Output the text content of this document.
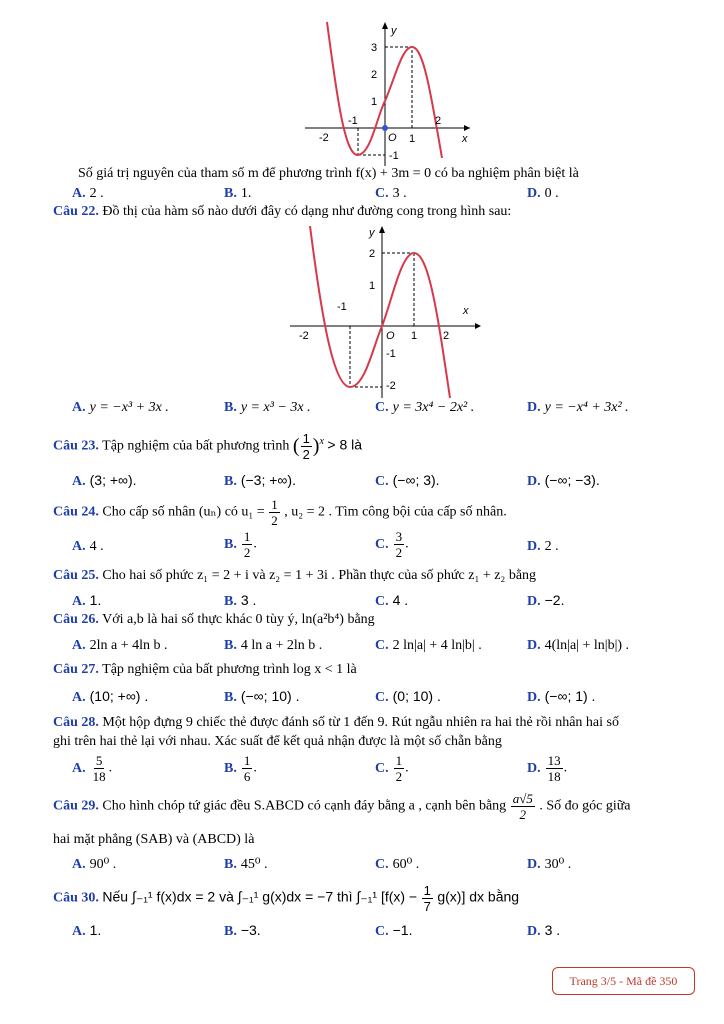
y
x
O
3
2
1
-1
-2
-1
1
2
Số giá trị nguyên của tham số m để phương trình f(x) + 3m = 0 có ba nghiệm phân biệt là
A. 2 .	B. 1.	C. 3 .	D. 0 .
Câu 22. Đồ thị của hàm số nào dưới đây có dạng như đường cong trong hình sau:
y
x
O
2
1
-1
-2
1 2
-2
-1
A. y = −x³ + 3x .	B. y = x³ − 3x .	C. y = 3x⁴ − 2x² .	D. y = −x⁴ + 3x² .
Câu 23. Tập nghiệm của bất phương trình ( $\frac{1}{2} )^x > 8$ là
A. (3; +∞).	B. (−3; +∞).	C. (−∞; 3).	D. (−∞; −3).
Câu 24. Cho cấp số nhân (uₙ) có $u_1 = \frac{1}{2}$ , u₂ = 2 . Tìm công bội của cấp số nhân.
A. 4 .	B. $\frac{1}{2}$ .	C. $\frac{3}{2}$ .	D. 2 .
Câu 25. Cho hai số phức z₁ = 2 + i và z₂ = 1 + 3i . Phần thực của số phức z₁ + z₂ bằng
A. 1.	B. 3 .	C. 4 .	D. −2.
Câu 26. Với a,b là hai số thực khác 0 tùy ý, ln(a²b⁴) bằng
A. 2ln a + 4ln b .	B. 4 ln a + 2ln b .	C. 2 ln|a| + 4 ln|b| .	D. 4(ln|a| + ln|b|) .
Câu 27. Tập nghiệm của bất phương trình log x < 1 là
A. (10; +∞) .	B. (−∞; 10) .	C. (0; 10) .	D. (−∞; 1) .
Câu 28. Một hộp đựng 9 chiếc thẻ được đánh số từ 1 đến 9. Rút ngẫu nhiên ra hai thẻ rồi nhân hai số
ghi trên hai thẻ lại với nhau. Xác suất để kết quả nhận được là một số chẵn bằng
A. $\frac{5}{18}$ .	B. $\frac{1}{6}$ .	C. $\frac{1}{2}$ .	D. $\frac{13}{18}$ .
Câu 29. Cho hình chóp tứ giác đều S.ABCD có cạnh đáy bằng a , cạnh bên bằng $\frac{a√5}{2}$ . Số đo góc giữa
hai mặt phẳng (SAB) và (ABCD) là
A. 90⁰ .	B. 45⁰ .	C. 60⁰ .	D. 30⁰ .
Câu 30. Nếu ∫₋₁¹ f(x)dx = 2 và ∫₋₁¹ g(x)dx = −7 thì ∫₋₁¹ $[f(x) - \frac{1}{7} g(x)]$ dx bằng
A. 1.	B. −3.	C. −1.	D. 3 .
Trang 3/5 - Mã đề 350
